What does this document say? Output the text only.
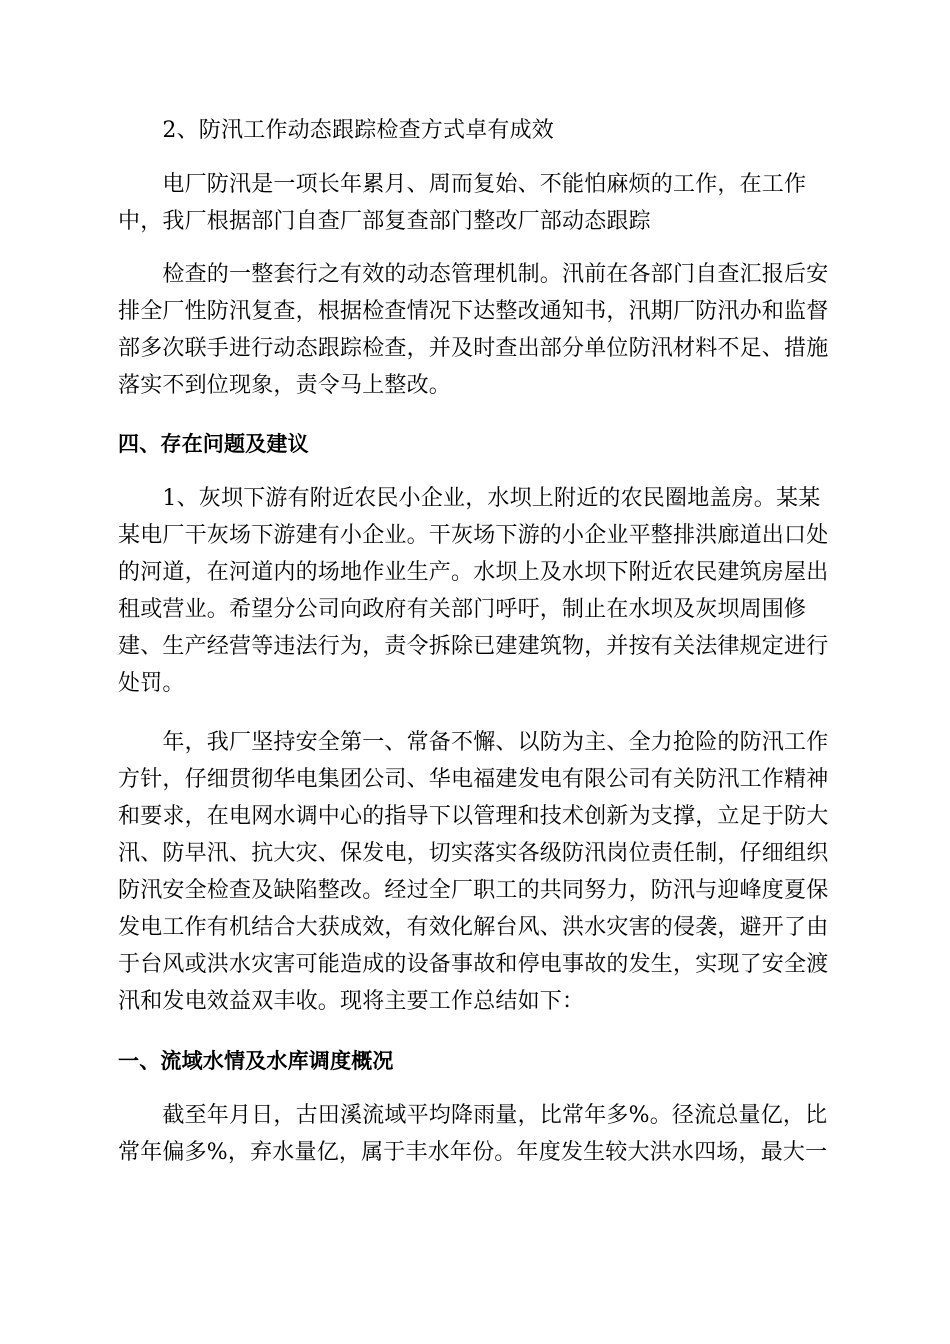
　　2、防汛工作动态跟踪检查方式卓有成效
　　电厂防汛是一项长年累月、周而复始、不能怕麻烦的工作，在工作
中，我厂根据部门自查厂部复查部门整改厂部动态跟踪
　　检查的一整套行之有效的动态管理机制。汛前在各部门自查汇报后安
排全厂性防汛复查，根据检查情况下达整改通知书，汛期厂防汛办和监督
部多次联手进行动态跟踪检查，并及时查出部分单位防汛材料不足、措施
落实不到位现象，责令马上整改。
四、存在问题及建议
　　1、灰坝下游有附近农民小企业，水坝上附近的农民圈地盖房。某某
某电厂干灰场下游建有小企业。干灰场下游的小企业平整排洪廊道出口处
的河道，在河道内的场地作业生产。水坝上及水坝下附近农民建筑房屋出
租或营业。希望分公司向政府有关部门呼吁，制止在水坝及灰坝周围修
建、生产经营等违法行为，责令拆除已建建筑物，并按有关法律规定进行
处罚。
　　年，我厂坚持安全第一、常备不懈、以防为主、全力抢险的防汛工作
方针，仔细贯彻华电集团公司、华电福建发电有限公司有关防汛工作精神
和要求，在电网水调中心的指导下以管理和技术创新为支撑，立足于防大
汛、防早汛、抗大灾、保发电，切实落实各级防汛岗位责任制，仔细组织
防汛安全检查及缺陷整改。经过全厂职工的共同努力，防汛与迎峰度夏保
发电工作有机结合大获成效，有效化解台风、洪水灾害的侵袭，避开了由
于台风或洪水灾害可能造成的设备事故和停电事故的发生，实现了安全渡
汛和发电效益双丰收。现将主要工作总结如下：
一、流域水情及水库调度概况
　　截至年月日，古田溪流域平均降雨量，比常年多%。径流总量亿，比
常年偏多%，弃水量亿，属于丰水年份。年度发生较大洪水四场，最大一
